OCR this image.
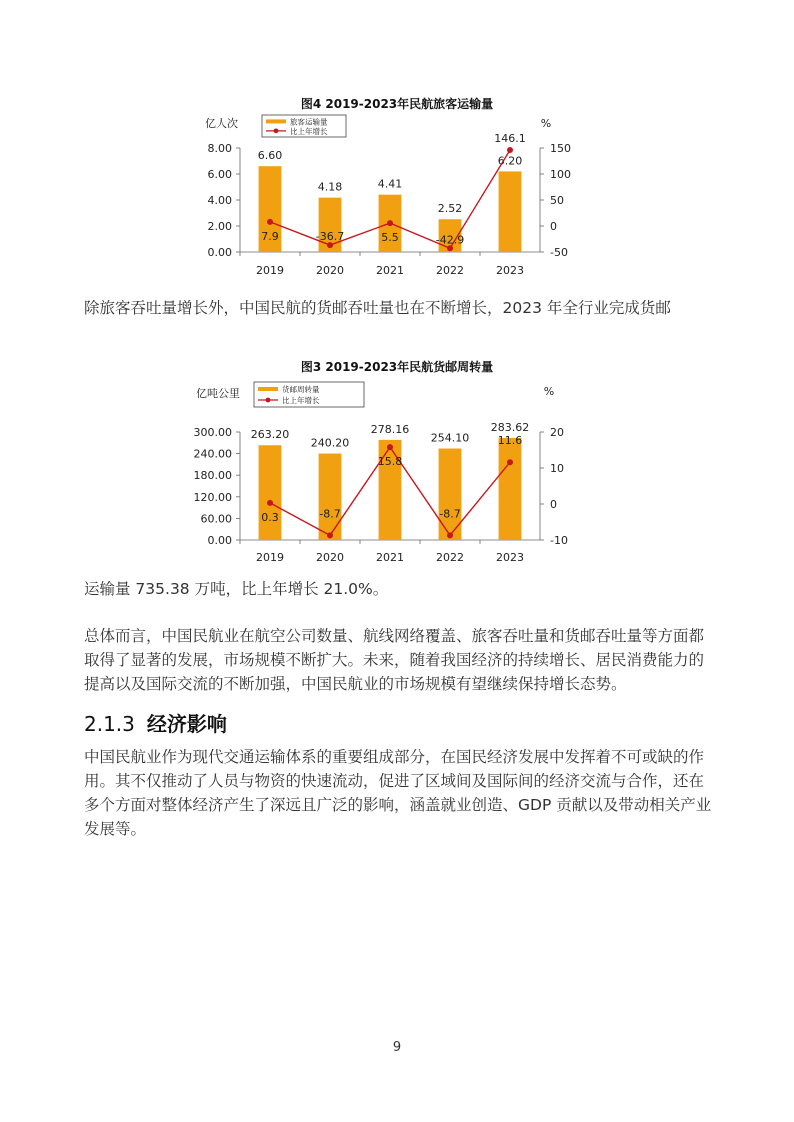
图4 2019-2023年民航旅客运输量
亿人次	%
旅客运输量
比上年增长
0.00
2.00
4.00
6.00
8.00
-50
0
50
100
150
6.60
2019
4.18
2020
4.41
2021
2.52
2022
6.20
2023
7.9	-36.7	5.5	-42.9
146.1

除旅客吞吐量增长外，中国民航的货邮吞吐量也在不断增长，2023 年全行业完成货邮

图3 2019-2023年民航货邮周转量
亿吨公里	%
货邮周转量
比上年增长
0.00
60.00
120.00
180.00
240.00
300.00
-10
0
10
20
263.20
2019
240.20
2020
278.16
2021
254.10
2022
283.62
2023
0.3	-8.7
15.8
-8.7
11.6

运输量 735.38 万吨，比上年增长 21.0%。

总体而言，中国民航业在航空公司数量、航线网络覆盖、旅客吞吐量和货邮吞吐量等方面都取得了显著的发展，市场规模不断扩大。未来，随着我国经济的持续增长、居民消费能力的提高以及国际交流的不断加强，中国民航业的市场规模有望继续保持增长态势。

2.1.3 经济影响

中国民航业作为现代交通运输体系的重要组成部分，在国民经济发展中发挥着不可或缺的作用。其不仅推动了人员与物资的快速流动，促进了区域间及国际间的经济交流与合作，还在多个方面对整体经济产生了深远且广泛的影响，涵盖就业创造、GDP 贡献以及带动相关产业发展等。

9
